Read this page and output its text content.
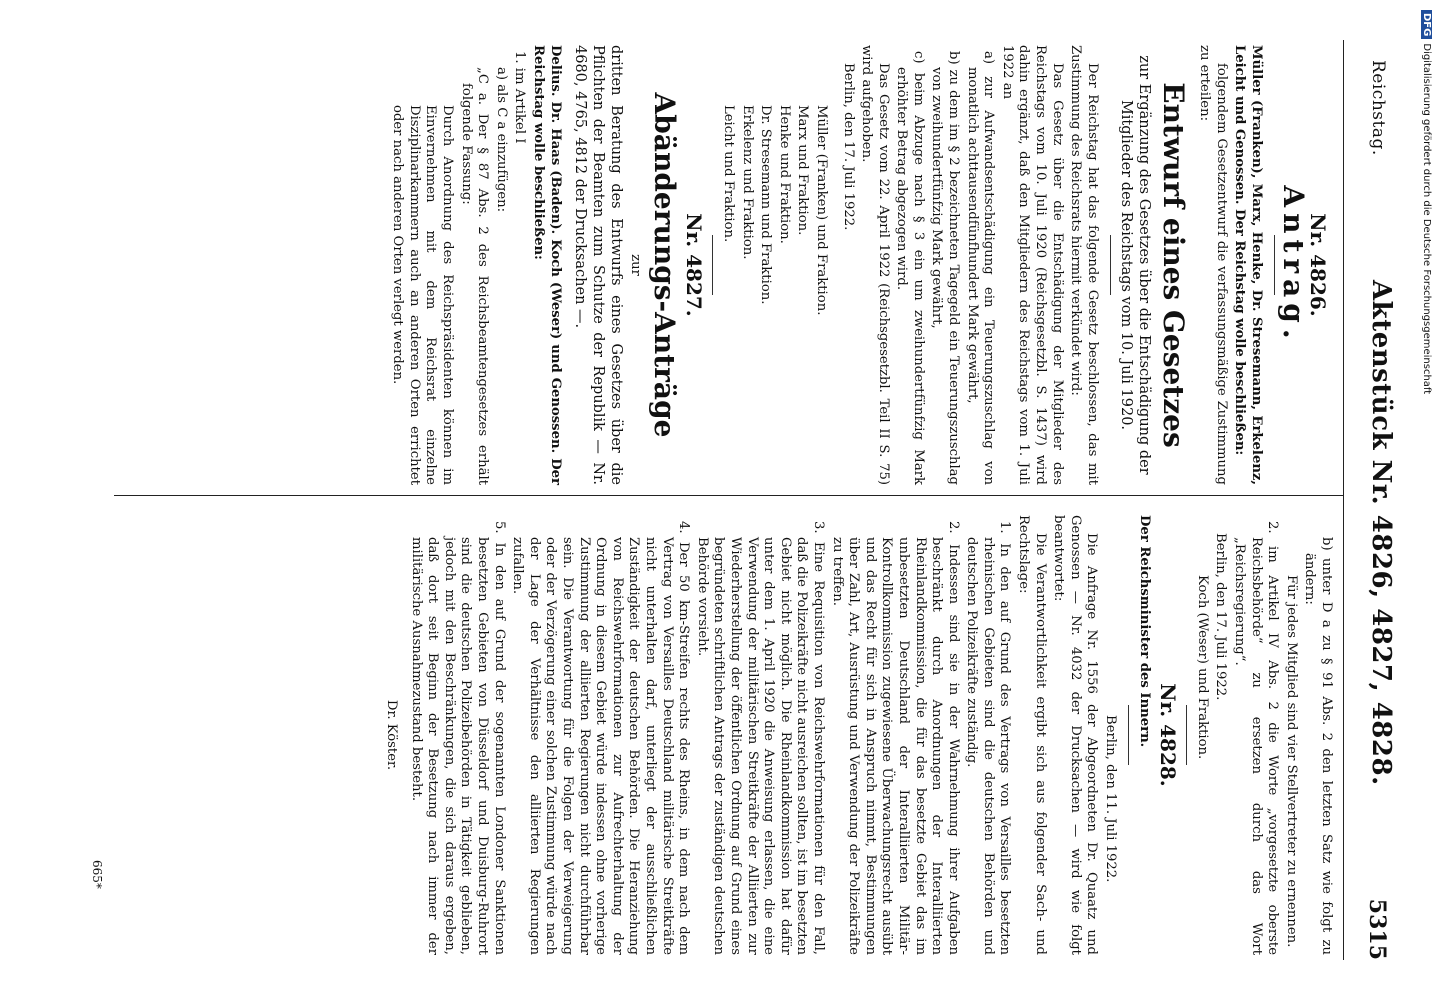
Reichstag.
Aktenstück Nr. 4826, 4827, 4828.
5315
Nr. 4826.
Antrag.

Müller (Franken), Marx, Henke, Dr. Stresemann, Erkelenz, Leicht und Genossen. Der Reichstag wolle beschließen:

folgendem Gesetzentwurf die verfassungsmäßige Zustimmung zu erteilen:

Entwurf eines Gesetzes

zur Ergänzung des Gesetzes über die Entschädigung der Mitglieder des Reichstags vom 10. Juli 1920.

Der Reichstag hat das folgende Gesetz beschlossen, das mit Zustimmung des Reichsrats hiermit verkündet wird:

Das Gesetz über die Entschädigung der Mitglieder des Reichstags vom 10. Juli 1920 (Reichsgesetzbl. S. 1437) wird dahin ergänzt, daß den Mitgliedern des Reichstags vom 1. Juli 1922 an

a) zur Aufwandsentschädigung ein Teuerungszuschlag von monatlich achttausendfünfhundert Mark gewährt,

b) zu dem im § 2 bezeichneten Tagegeld ein Teuerungszuschlag von zweihundertfünfzig Mark gewährt,

c) beim Abzuge nach § 3 ein um zweihundertfünfzig Mark erhöhter Betrag abgezogen wird.

Das Gesetz vom 22. April 1922 (Reichsgesetzbl. Teil II S. 75) wird aufgehoben.

Berlin, den 17. Juli 1922.

Müller (Franken) und Fraktion.

Marx und Fraktion.

Henke und Fraktion.

Dr. Stresemann und Fraktion.

Erkelenz und Fraktion.

Leicht und Fraktion.

Nr. 4827.
Abänderungs-Anträge

zur

dritten Beratung des Entwurfs eines Gesetzes über die Pflichten der Beamten zum Schutze der Republik — Nr. 4680, 4765, 4812 der Drucksachen —.

Delius. Dr. Haas (Baden). Koch (Weser) und Genossen. Der Reichstag wolle beschließen:

1. im Artikel I

a) als C a einzufügen:

„C a. Der § 87 Abs. 2 des Reichsbeamtengesetzes erhält folgende Fassung:

Durch Anordnung des Reichspräsidenten können im Einvernehmen mit dem Reichsrat einzelne Disziplinarkammern auch an anderen Orten errichtet oder nach anderen Orten verlegt werden.

b) unter D a zu § 91 Abs. 2 den letzten Satz wie folgt zu ändern:

Für jedes Mitglied sind vier Stellvertreter zu ernennen.

2. im Artikel IV Abs. 2 die Worte „vorgesetzte oberste Reichsbehörde“ zu ersetzen durch das Wort „Reichsregierung“.

Berlin, den 17. Juli 1922.

Koch (Weser) und Fraktion.

Nr. 4828.

Der Reichsminister des Innern.

Berlin, den 11. Juli 1922.

Die Anfrage Nr. 1556 der Abgeordneten Dr. Quaatz und Genossen — Nr. 4032 der Drucksachen — wird wie folgt beantwortet:

Die Verantwortlichkeit ergibt sich aus folgender Sach- und Rechtslage:

1. In den auf Grund des Vertrags von Versailles besetzten rheinischen Gebieten sind die deutschen Behörden und deutschen Polizeikräfte zuständig.

2. Indessen sind sie in der Wahrnehmung ihrer Aufgaben beschränkt durch Anordnungen der Interalliierten Rheinlandkommission, die für das besetzte Gebiet das im unbesetzten Deutschland der Interalliierten Militär-Kontrollkommission zugewiesene Überwachungsrecht ausübt und das Recht für sich in Anspruch nimmt, Bestimmungen über Zahl, Art, Ausrüstung und Verwendung der Polizeikräfte zu treffen.

3. Eine Requisition von Reichswehrformationen für den Fall, daß die Polizeikräfte nicht ausreichen sollten, ist im besetzten Gebiet nicht möglich. Die Rheinlandkommission hat dafür unter dem 1. April 1920 die Anweisung erlassen, die eine Verwendung der militärischen Streitkräfte der Alliierten zur Wiederherstellung der öffentlichen Ordnung auf Grund eines begründeten schriftlichen Antrags der zuständigen deutschen Behörde vorsieht.

4. Der 50 km-Streifen rechts des Rheins, in dem nach dem Vertrag von Versailles Deutschland militärische Streitkräfte nicht unterhalten darf, unterliegt der ausschließlichen Zuständigkeit der deutschen Behörden. Die Heranziehung von Reichswehrformationen zur Aufrechterhaltung der Ordnung in diesem Gebiet würde indessen ohne vorherige Zustimmung der alliierten Regierungen nicht durchführbar sein. Die Verantwortung für die Folgen der Verweigerung oder der Verzögerung einer solchen Zustimmung würde nach der Lage der Verhältnisse den alliierten Regierungen zufallen.

5. In den auf Grund der sogenannten Londoner Sanktionen besetzten Gebieten von Düsseldorf und Duisburg-Ruhrort sind die deutschen Polizeibehörden in Tätigkeit geblieben, jedoch mit den Beschränkungen, die sich daraus ergeben, daß dort seit Beginn der Besetzung nach immer der militärische Ausnahmezustand besteht.

Dr. Köster.

665*
DFGDigitalisierung gefördert durch die Deutsche Forschungsgemeinschaft
